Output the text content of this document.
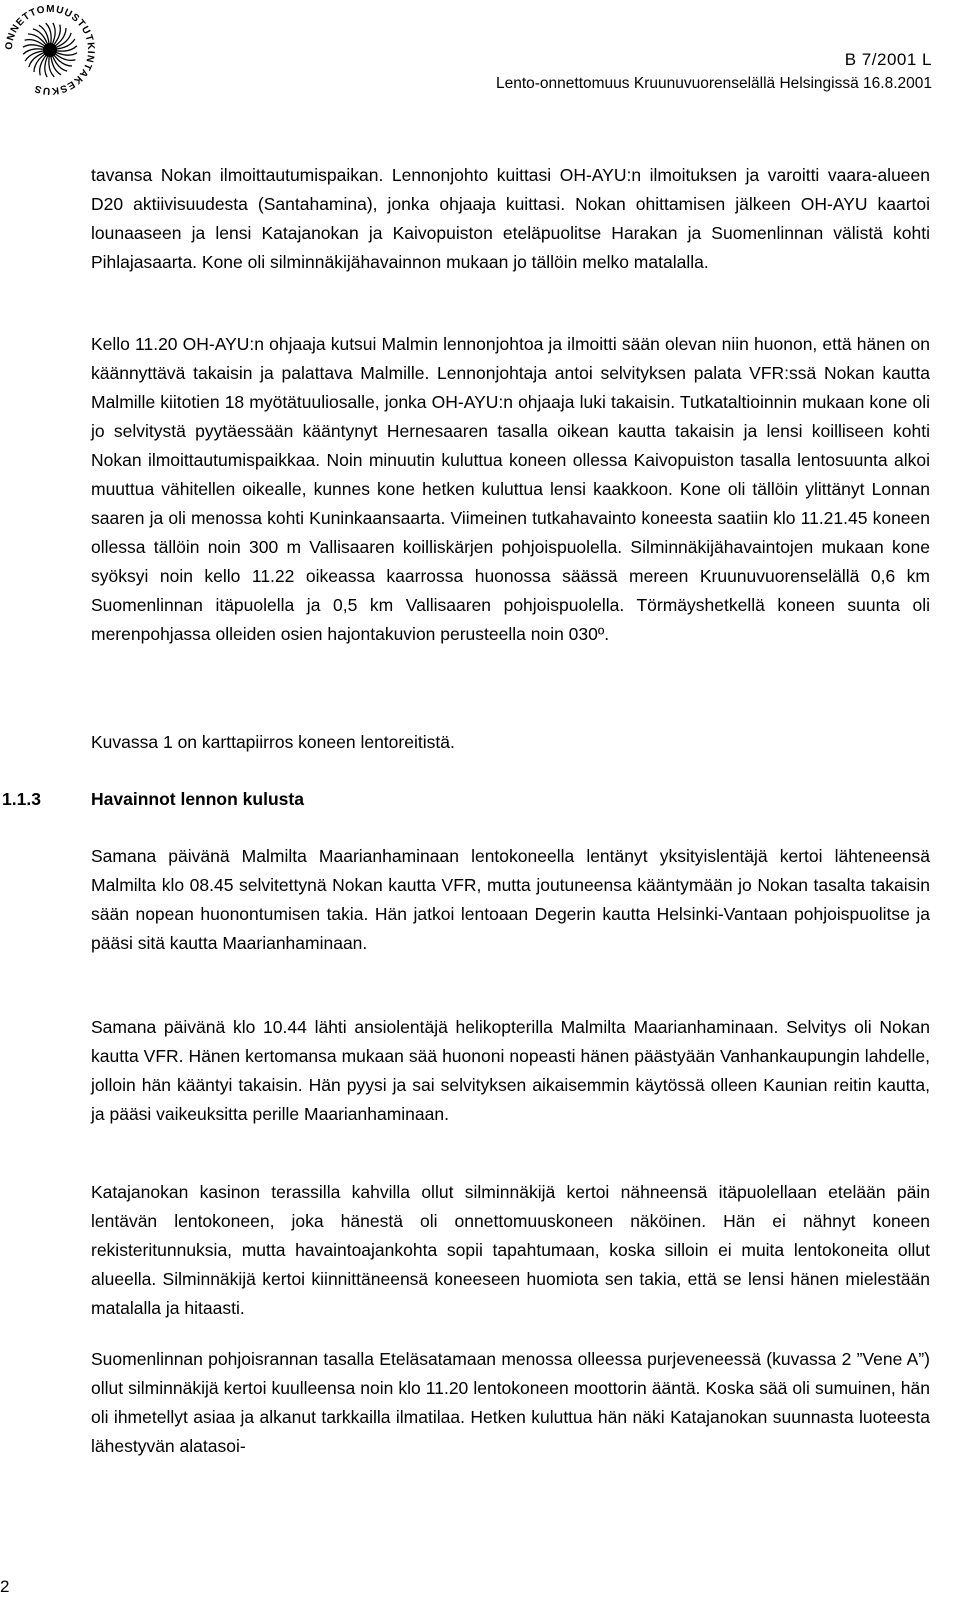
ONNETTOMUUSTUTKINTAKESKUS
B 7/2001 L
Lento-onnettomuus Kruunuvuorenselällä Helsingissä 16.8.2001

tavansa Nokan ilmoittautumispaikan. Lennonjohto kuittasi OH-AYU:n ilmoituksen ja varoitti vaara-alueen D20 aktiivisuudesta (Santahamina), jonka ohjaaja kuittasi. Nokan ohittamisen jälkeen OH-AYU kaartoi lounaaseen ja lensi Katajanokan ja Kaivopuiston eteläpuolitse Harakan ja Suomenlinnan välistä kohti Pihlajasaarta. Kone oli silminnäkijähavainnon mukaan jo tällöin melko matalalla.

Kello 11.20 OH-AYU:n ohjaaja kutsui Malmin lennonjohtoa ja ilmoitti sään olevan niin huonon, että hänen on käännyttävä takaisin ja palattava Malmille. Lennonjohtaja antoi selvityksen palata VFR:ssä Nokan kautta Malmille kiitotien 18 myötätuuliosalle, jonka OH-AYU:n ohjaaja luki takaisin. Tutkataltioinnin mukaan kone oli jo selvitystä pyytäessään kääntynyt Hernesaaren tasalla oikean kautta takaisin ja lensi koilliseen kohti Nokan ilmoittautumispaikkaa. Noin minuutin kuluttua koneen ollessa Kaivopuiston tasalla lentosuunta alkoi muuttua vähitellen oikealle, kunnes kone hetken kuluttua lensi kaakkoon. Kone oli tällöin ylittänyt Lonnan saaren ja oli menossa kohti Kuninkaansaarta. Viimeinen tutkahavainto koneesta saatiin klo 11.21.45 koneen ollessa tällöin noin 300 m Vallisaaren koilliskärjen pohjoispuolella. Silminnäkijähavaintojen mukaan kone syöksyi noin kello 11.22 oikeassa kaarrossa huonossa säässä mereen Kruunuvuorenselällä 0,6 km Suomenlinnan itäpuolella ja 0,5 km Vallisaaren pohjoispuolella. Törmäyshetkellä koneen suunta oli merenpohjassa olleiden osien hajontakuvion perusteella noin 030º.

Kuvassa 1 on karttapiirros koneen lentoreitistä.

1.1.3	Havainnot lennon kulusta

Samana päivänä Malmilta Maarianhaminaan lentokoneella lentänyt yksityislentäjä kertoi lähteneensä Malmilta klo 08.45 selvitettynä Nokan kautta VFR, mutta joutuneensa kääntymään jo Nokan tasalta takaisin sään nopean huonontumisen takia. Hän jatkoi lentoaan Degerin kautta Helsinki-Vantaan pohjoispuolitse ja pääsi sitä kautta Maarianhaminaan.

Samana päivänä klo 10.44 lähti ansiolentäjä helikopterilla Malmilta Maarianhaminaan. Selvitys oli Nokan kautta VFR. Hänen kertomansa mukaan sää huononi nopeasti hänen päästyään Vanhankaupungin lahdelle, jolloin hän kääntyi takaisin. Hän pyysi ja sai selvityksen aikaisemmin käytössä olleen Kaunian reitin kautta, ja pääsi vaikeuksitta perille Maarianhaminaan.

Katajanokan kasinon terassilla kahvilla ollut silminnäkijä kertoi nähneensä itäpuolellaan etelään päin lentävän lentokoneen, joka hänestä oli onnettomuuskoneen näköinen. Hän ei nähnyt koneen rekisteritunnuksia, mutta havaintoajankohta sopii tapahtumaan, koska silloin ei muita lentokoneita ollut alueella. Silminnäkijä kertoi kiinnittäneensä koneeseen huomiota sen takia, että se lensi hänen mielestään matalalla ja hitaasti.

Suomenlinnan pohjoisrannan tasalla Eteläsatamaan menossa olleessa purjeveneessä (kuvassa 2 ”Vene A”) ollut silminnäkijä kertoi kuulleensa noin klo 11.20 lentokoneen moottorin ääntä. Koska sää oli sumuinen, hän oli ihmetellyt asiaa ja alkanut tarkkailla ilmatilaa. Hetken kuluttua hän näki Katajanokan suunnasta luoteesta lähestyvän alatasoi-

2
